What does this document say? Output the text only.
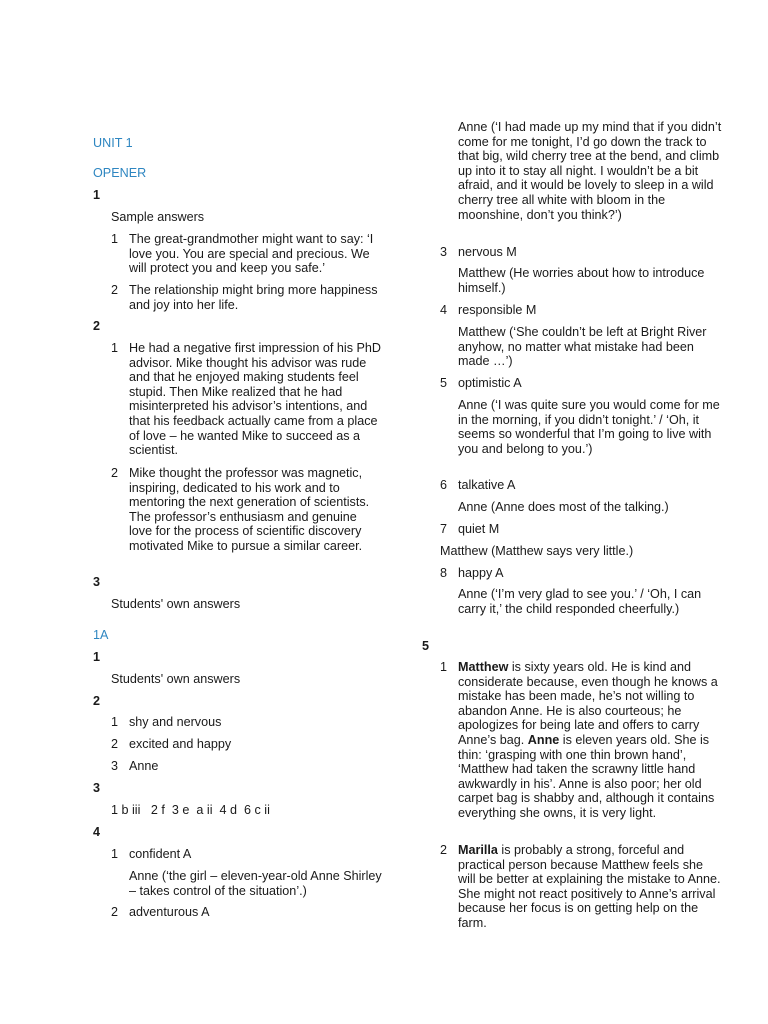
UNIT 1
OPENER
1
Sample answers
1 The great-grandmother might want to say: ‘I love you. You are special and precious. We will protect you and keep you safe.’
2 The relationship might bring more happiness and joy into her life.
2
1 He had a negative first impression of his PhD advisor. Mike thought his advisor was rude and that he enjoyed making students feel stupid. Then Mike realized that he had misinterpreted his advisor’s intentions, and that his feedback actually came from a place of love – he wanted Mike to succeed as a scientist.
2 Mike thought the professor was magnetic, inspiring, dedicated to his work and to mentoring the next generation of scientists. The professor’s enthusiasm and genuine love for the process of scientific discovery motivated Mike to pursue a similar career.
3
Students' own answers
1A
1
Students' own answers
2
1 shy and nervous
2 excited and happy
3 Anne
3
1 b iii   2 f  3 e  a ii  4 d  6 c ii
4
1 confident A
Anne (‘the girl – eleven-year-old Anne Shirley – takes control of the situation’.)
2 adventurous A
Anne (‘I had made up my mind that if you didn’t come for me tonight, I’d go down the track to that big, wild cherry tree at the bend, and climb up into it to stay all night. I wouldn’t be a bit afraid, and it would be lovely to sleep in a wild cherry tree all white with bloom in the moonshine, don’t you think?’)
3 nervous M
Matthew (He worries about how to introduce himself.)
4 responsible M
Matthew (‘She couldn’t be left at Bright River anyhow, no matter what mistake had been made …’)
5 optimistic A
Anne (‘I was quite sure you would come for me in the morning, if you didn’t tonight.’ / ‘Oh, it seems so wonderful that I’m going to live with you and belong to you.’)
6 talkative A
Anne (Anne does most of the talking.)
7 quiet M
Matthew (Matthew says very little.)
8 happy A
Anne (‘I’m very glad to see you.’ / ‘Oh, I can carry it,’ the child responded cheerfully.)
5
1 Matthew is sixty years old. He is kind and considerate because, even though he knows a mistake has been made, he’s not willing to abandon Anne. He is also courteous; he apologizes for being late and offers to carry Anne’s bag. Anne is eleven years old. She is thin: ‘grasping with one thin brown hand’, ‘Matthew had taken the scrawny little hand awkwardly in his’. Anne is also poor; her old carpet bag is shabby and, although it contains everything she owns, it is very light.
2 Marilla is probably a strong, forceful and practical person because Matthew feels she will be better at explaining the mistake to Anne. She might not react positively to Anne’s arrival because her focus is on getting help on the farm.
